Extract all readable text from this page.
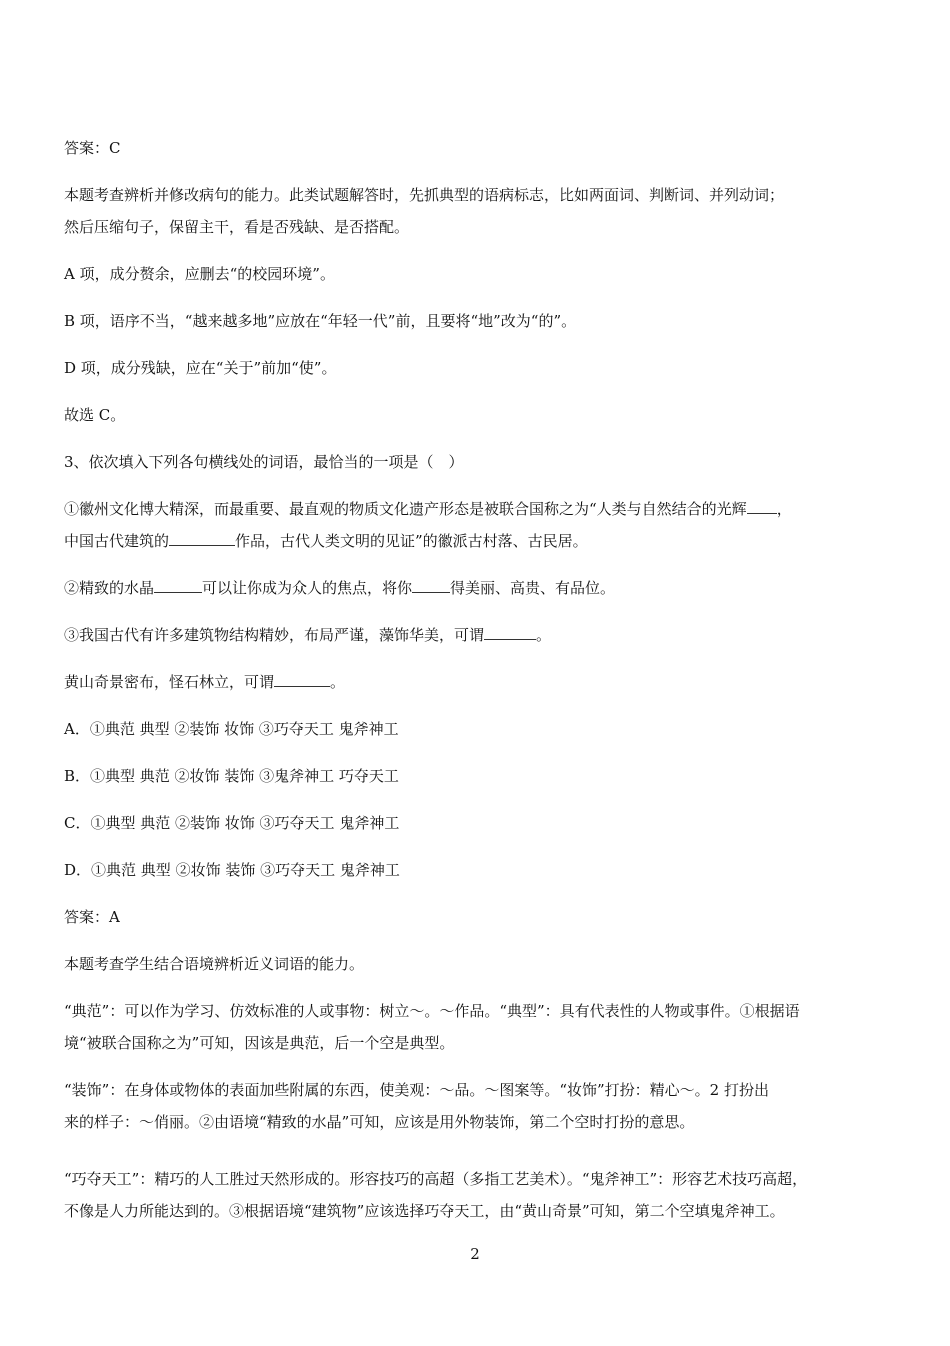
答案：C
本题考查辨析并修改病句的能力。此类试题解答时，先抓典型的语病标志，比如两面词、判断词、并列动词；
然后压缩句子，保留主干，看是否残缺、是否搭配。
A 项，成分赘余，应删去“的校园环境”。
B 项，语序不当，“越来越多地”应放在“年轻一代”前，且要将“地”改为“的”。
D 项，成分残缺，应在“关于”前加“使”。
故选 C。
3、依次填入下列各句横线处的词语，最恰当的一项是（　）
①徽州文化博大精深，而最重要、最直观的物质文化遗产形态是被联合国称之为“人类与自然结合的光辉 ，
中国古代建筑的	作品，古代人类文明的见证”的徽派古村落、古民居。
②精致的水晶	可以让你成为众人的焦点，将你	得美丽、高贵、有品位。
③我国古代有许多建筑物结构精妙，布局严谨，藻饰华美，可谓	。
黄山奇景密布，怪石林立，可谓	。
A．①典范 典型 ②装饰 妆饰 ③巧夺天工 鬼斧神工
B．①典型 典范 ②妆饰 装饰 ③鬼斧神工 巧夺天工
C．①典型 典范 ②装饰 妆饰 ③巧夺天工 鬼斧神工
D．①典范 典型 ②妆饰 装饰 ③巧夺天工 鬼斧神工
答案：A
本题考查学生结合语境辨析近义词语的能力。
“典范”：可以作为学习、仿效标准的人或事物：树立～。～作品。“典型”：具有代表性的人物或事件。①根据语
境“被联合国称之为”可知，因该是典范，后一个空是典型。
“装饰”：在身体或物体的表面加些附属的东西，使美观：～品。～图案等。“妆饰”打扮：精心～。2 打扮出
来的样子：～俏丽。②由语境“精致的水晶”可知，应该是用外物装饰，第二个空时打扮的意思。
“巧夺天工”：精巧的人工胜过天然形成的。形容技巧的高超（多指工艺美术）。“鬼斧神工”：形容艺术技巧高超，
不像是人力所能达到的。③根据语境“建筑物”应该选择巧夺天工，由“黄山奇景”可知，第二个空填鬼斧神工。
2
